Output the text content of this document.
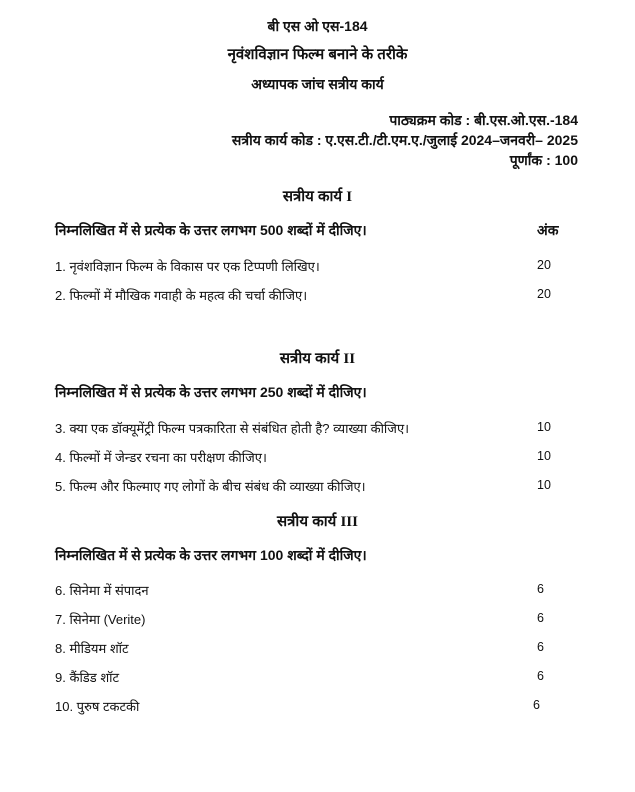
बी एस ओ एस-184
नृवंशविज्ञान फिल्म बनाने के तरीके
अध्यापक जांच सत्रीय कार्य
पाठ्यक्रम कोड : बी.एस.ओ.एस.-184
सत्रीय कार्य कोड : ए.एस.टी./टी.एम.ए./जुलाई 2024–जनवरी– 2025
पूर्णांक : 100
सत्रीय कार्य I
निम्नलिखित में से प्रत्येक के उत्तर लगभग 500 शब्दों में दीजिए।	अंक
1. नृवंशविज्ञान फिल्म के विकास पर एक टिप्पणी लिखिए।	20
2. फिल्मों में मौखिक गवाही के महत्व की चर्चा कीजिए।	20
सत्रीय कार्य II
निम्नलिखित में से प्रत्येक के उत्तर लगभग 250 शब्दों में दीजिए।
3. क्या एक डॉक्यूमेंट्री फिल्म पत्रकारिता से संबंधित होती है? व्याख्या कीजिए।	10
4. फिल्मों में जेन्डर रचना का परीक्षण कीजिए।	10
5. फिल्म और फिल्माए गए लोगों के बीच संबंध की व्याख्या कीजिए।	10
सत्रीय कार्य III
निम्नलिखित में से प्रत्येक के उत्तर लगभग 100 शब्दों में दीजिए।
6. सिनेमा में संपादन	6
7. सिनेमा (Verite)	6
8. मीडियम शॉट	6
9. कैंडिड शॉट	6
10. पुरुष टकटकी	6
